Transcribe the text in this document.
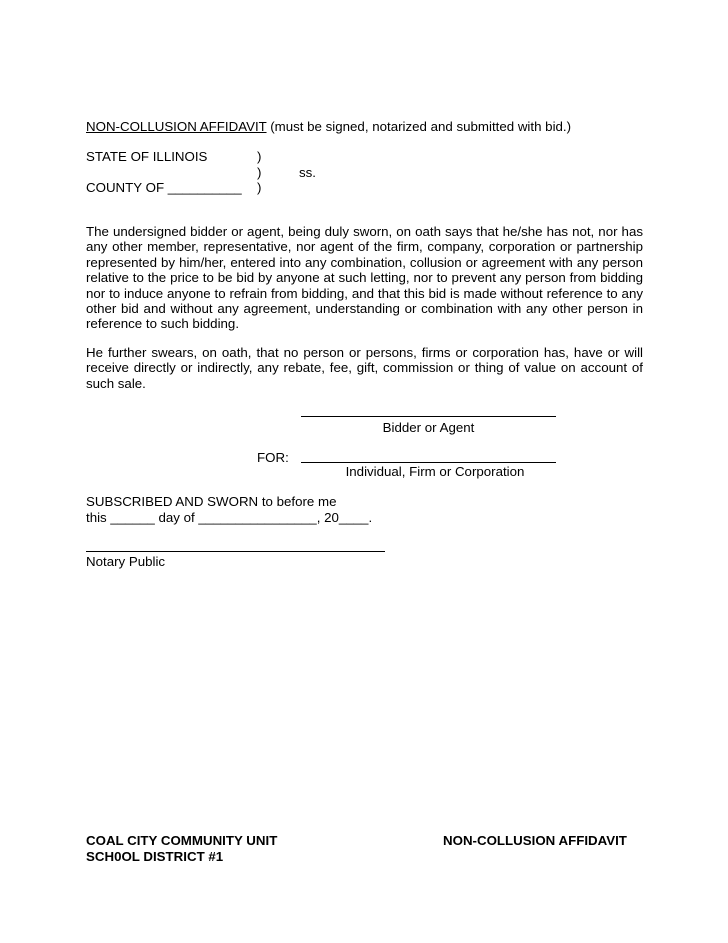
NON-COLLUSION AFFIDAVIT (must be signed, notarized and submitted with bid.)
STATE OF ILLINOIS	)
)	ss.
COUNTY OF __________ )
The undersigned bidder or agent, being duly sworn, on oath says that he/she has not, nor has any other member, representative, nor agent of the firm, company, corporation or partnership represented by him/her, entered into any combination, collusion or agreement with any person relative to the price to be bid by anyone at such letting, nor to prevent any person from bidding nor to induce anyone to refrain from bidding, and that this bid is made without reference to any other bid and without any agreement, understanding or combination with any other person in reference to such bidding.
He further swears, on oath, that no person or persons, firms or corporation has, have or will receive directly or indirectly, any rebate, fee, gift, commission or thing of value on account of such sale.
Bidder or Agent
FOR:
Individual, Firm or Corporation
SUBSCRIBED AND SWORN to before me
this ______ day of ________________, 20____.
Notary Public
COAL CITY COMMUNITY UNIT
SCH0OL DISTRICT #1
NON-COLLUSION AFFIDAVIT
